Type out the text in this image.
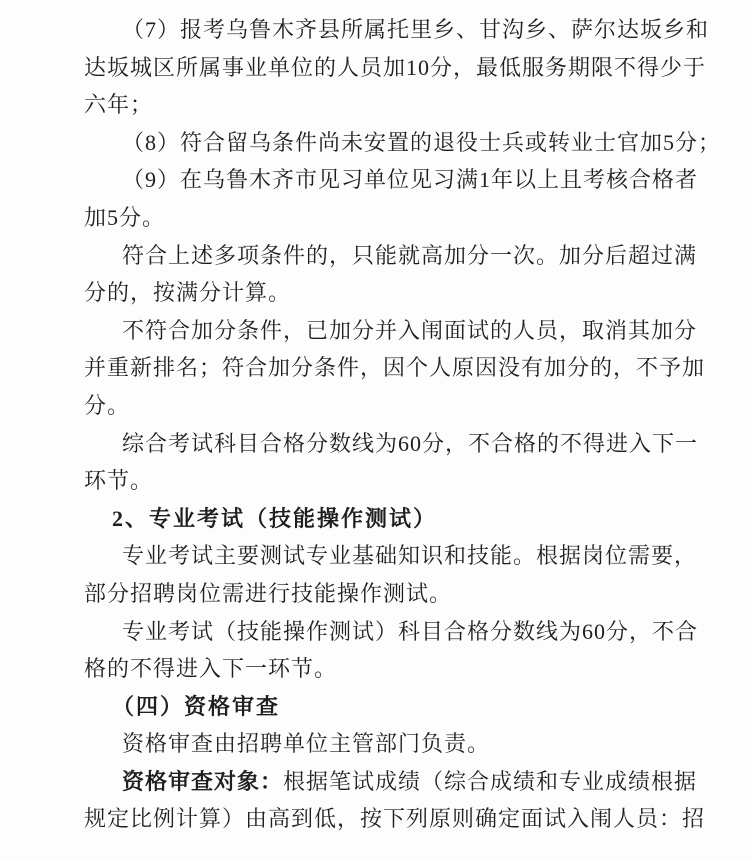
（7）报考乌鲁木齐县所属托里乡、甘沟乡、萨尔达坂乡和
达坂城区所属事业单位的人员加10分，最低服务期限不得少于
六年；
（8）符合留乌条件尚未安置的退役士兵或转业士官加5分；
（9）在乌鲁木齐市见习单位见习满1年以上且考核合格者
加5分。
符合上述多项条件的，只能就高加分一次。加分后超过满
分的，按满分计算。
不符合加分条件，已加分并入闱面试的人员，取消其加分
并重新排名；符合加分条件，因个人原因没有加分的，不予加
分。
综合考试科目合格分数线为60分，不合格的不得进入下一
环节。
2、专业考试（技能操作测试）
专业考试主要测试专业基础知识和技能。根据岗位需要，
部分招聘岗位需进行技能操作测试。
专业考试（技能操作测试）科目合格分数线为60分，不合
格的不得进入下一环节。
（四）资格审查
资格审查由招聘单位主管部门负责。
资格审查对象：根据笔试成绩（综合成绩和专业成绩根据
规定比例计算）由高到低，按下列原则确定面试入闱人员：招
